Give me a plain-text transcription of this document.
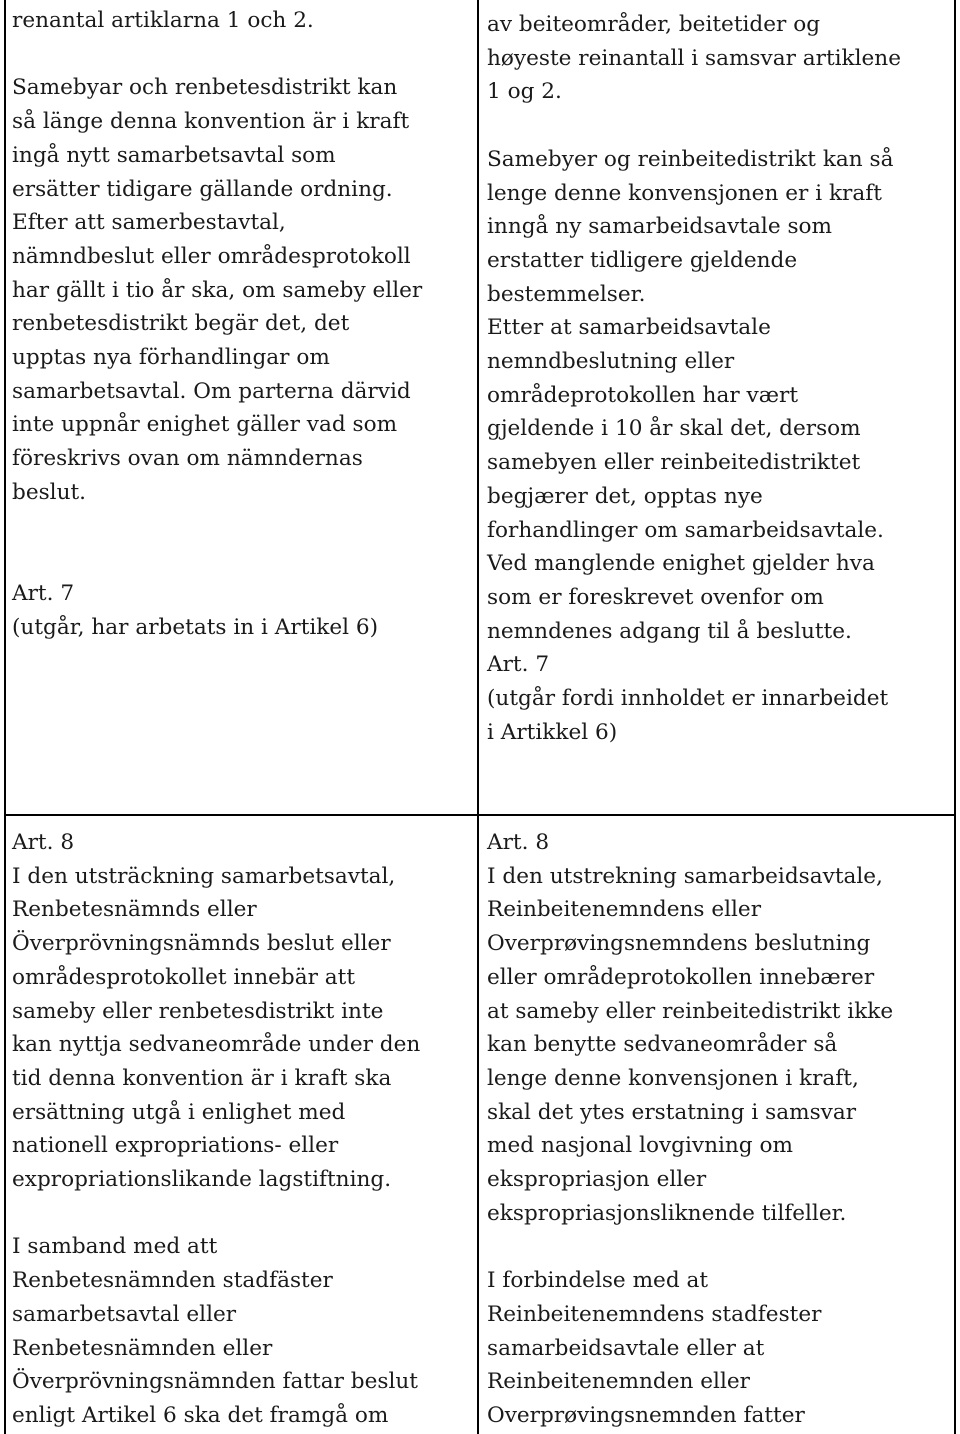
renantal artiklarna 1 och 2.
Samebyar och renbetesdistrikt kan
så länge denna konvention är i kraft
ingå nytt samarbetsavtal som
ersätter tidigare gällande ordning.
Efter att samerbestavtal,
nämndbeslut eller områdesprotokoll
har gällt i tio år ska, om sameby eller
renbetesdistrikt begär det, det
upptas nya förhandlingar om
samarbetsavtal. Om parterna därvid
inte uppnår enighet gäller vad som
föreskrivs ovan om nämndernas
beslut.
Art. 7
(utgår, har arbetats in i Artikel 6)
av beiteområder, beitetider og
høyeste reinantall i samsvar artiklene
1 og 2.
Samebyer og reinbeitedistrikt kan så
lenge denne konvensjonen er i kraft
inngå ny samarbeidsavtale som
erstatter tidligere gjeldende
bestemmelser.
Etter at samarbeidsavtale
nemndbeslutning eller
områdeprotokollen har vært
gjeldende i 10 år skal det, dersom
samebyen eller reinbeitedistriktet
begjærer det, opptas nye
forhandlinger om samarbeidsavtale.
Ved manglende enighet gjelder hva
som er foreskrevet ovenfor om
nemndenes adgang til å beslutte.
Art. 7
(utgår fordi innholdet er innarbeidet
i Artikkel 6)
Art. 8
I den utsträckning samarbetsavtal,
Renbetesnämnds eller
Överprövningsnämnds beslut eller
områdesprotokollet innebär att
sameby eller renbetesdistrikt inte
kan nyttja sedvaneområde under den
tid denna konvention är i kraft ska
ersättning utgå i enlighet med
nationell expropriations- eller
expropriationslikande lagstiftning.
I samband med att
Renbetesnämnden stadfäster
samarbetsavtal eller
Renbetesnämnden eller
Överprövningsnämnden fattar beslut
enligt Artikel 6 ska det framgå om
Art. 8
I den utstrekning samarbeidsavtale,
Reinbeitenemndens eller
Overprøvingsnemndens beslutning
eller områdeprotokollen innebærer
at sameby eller reinbeitedistrikt ikke
kan benytte sedvaneområder så
lenge denne konvensjonen i kraft,
skal det ytes erstatning i samsvar
med nasjonal lovgivning om
ekspropriasjon eller
ekspropriasjonsliknende tilfeller.
I forbindelse med at
Reinbeitenemndens stadfester
samarbeidsavtale eller at
Reinbeitenemnden eller
Overprøvingsnemnden fatter
